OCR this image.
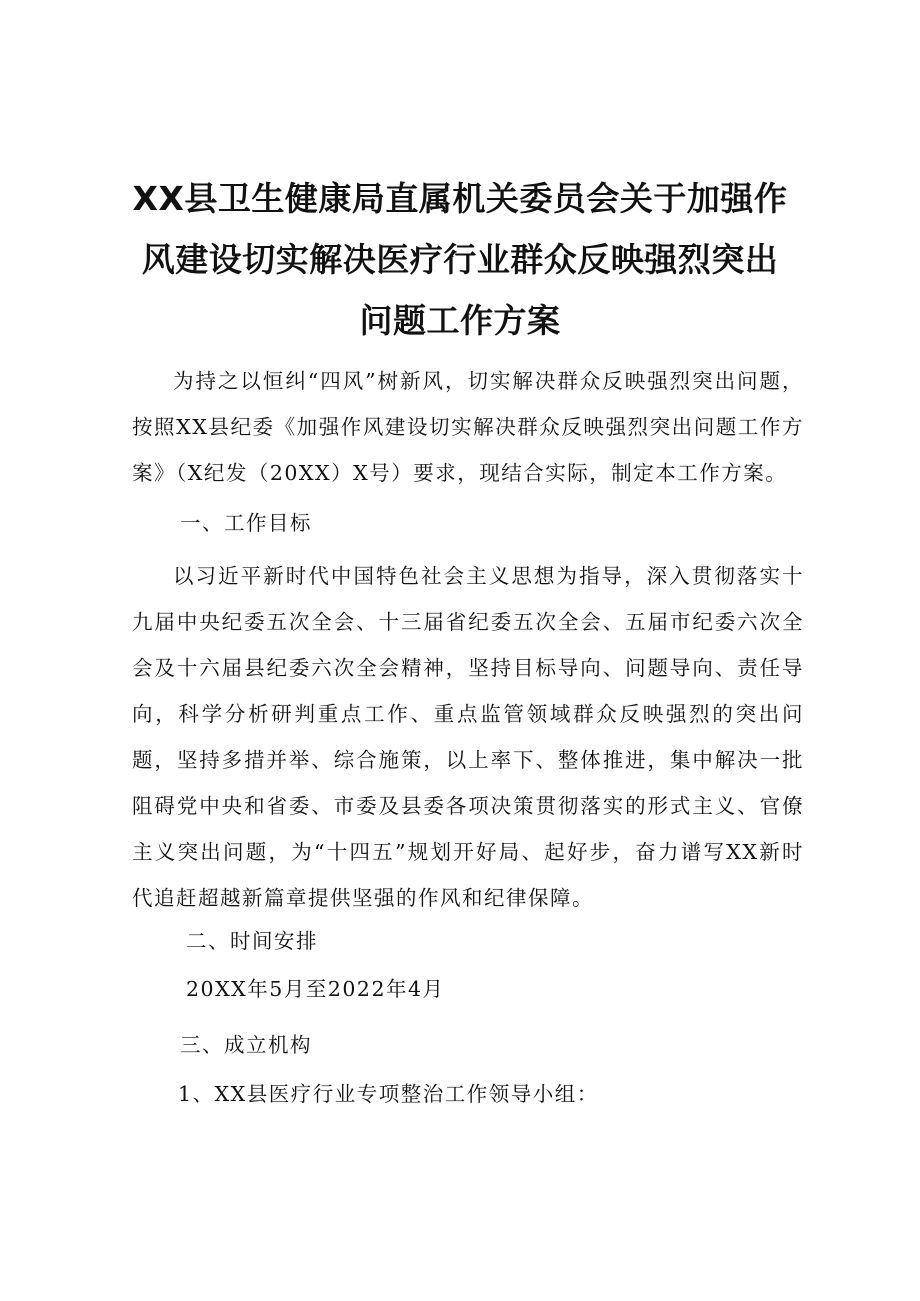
XX县卫生健康局直属机关委员会关于加强作
风建设切实解决医疗行业群众反映强烈突出
问题工作方案

为持之以恒纠“四风”树新风，切实解决群众反映强烈突出问题，按照XX县纪委《加强作风建设切实解决群众反映强烈突出问题工作方案》（X纪发（20XX）X号）要求，现结合实际，制定本工作方案。

一、工作目标

以习近平新时代中国特色社会主义思想为指导，深入贯彻落实十九届中央纪委五次全会、十三届省纪委五次全会、五届市纪委六次全会及十六届县纪委六次全会精神，坚持目标导向、问题导向、责任导向，科学分析研判重点工作、重点监管领域群众反映强烈的突出问题，坚持多措并举、综合施策，以上率下、整体推进，集中解决一批阻碍党中央和省委、市委及县委各项决策贯彻落实的形式主义、官僚主义突出问题，为“十四五”规划开好局、起好步，奋力谱写XX新时代追赶超越新篇章提供坚强的作风和纪律保障。

二、时间安排

20XX年5月至2022年4月

三、成立机构

1、XX县医疗行业专项整治工作领导小组：
